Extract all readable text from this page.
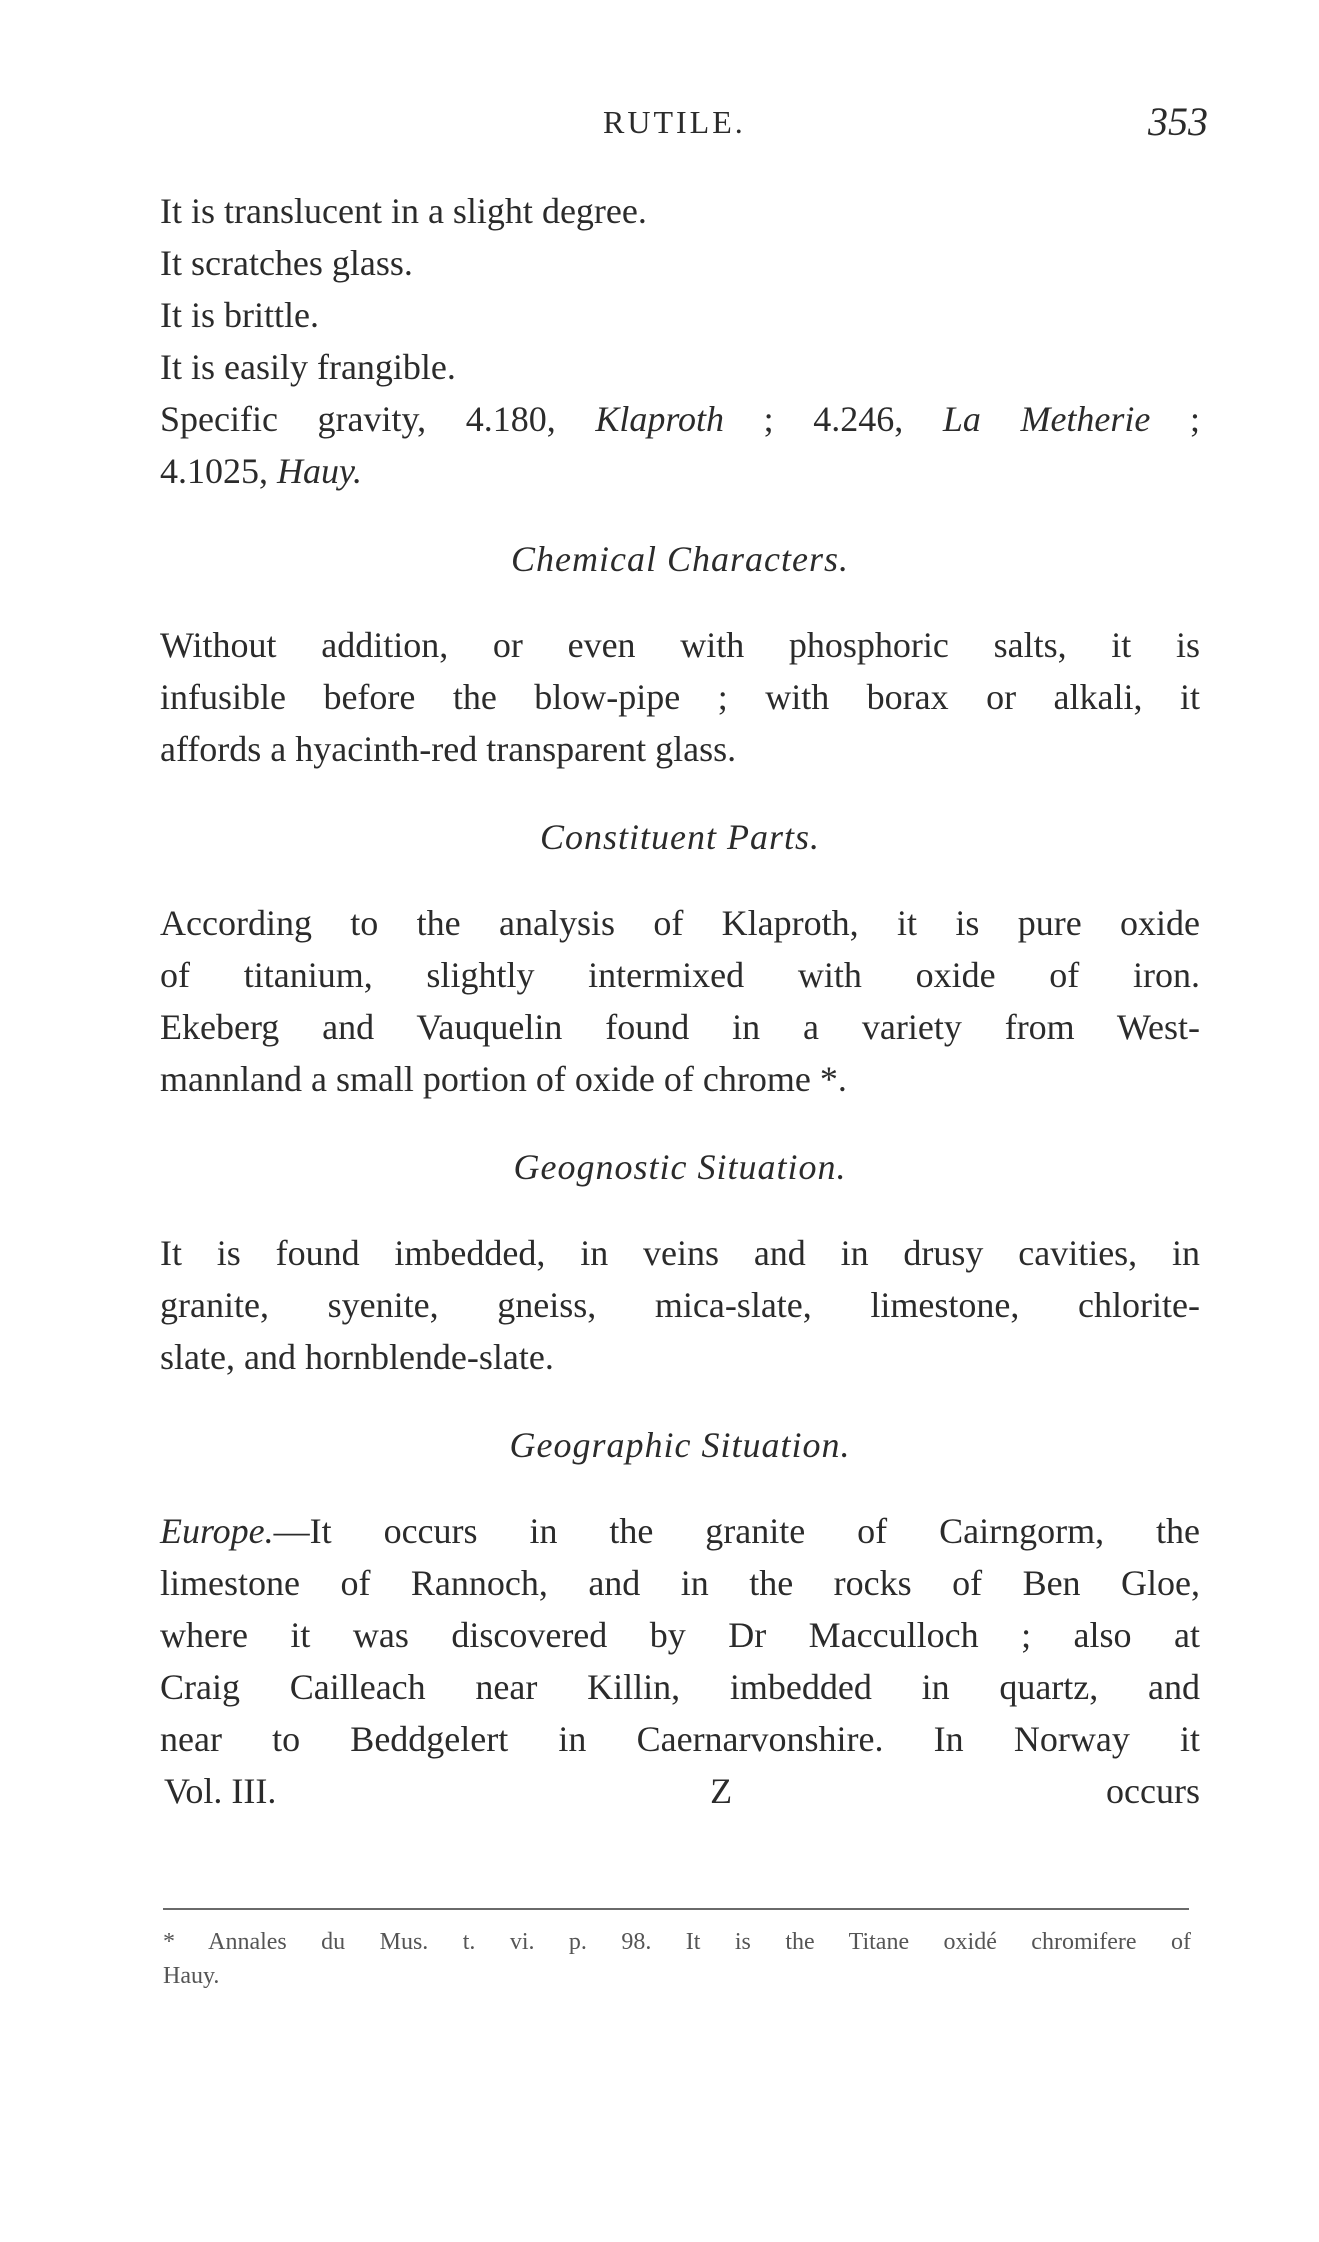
RUTILE.	353
It is translucent in a slight degree.
It scratches glass.
It is brittle.
It is easily frangible.
Specific gravity, 4.180, Klaproth ; 4.246, La Metherie ;
4.1025, Hauy.
Chemical Characters.
Without addition, or even with phosphoric salts, it is
infusible before the blow-pipe ; with borax or alkali, it
affords a hyacinth-red transparent glass.
Constituent Parts.
According to the analysis of Klaproth, it is pure oxide
of titanium, slightly intermixed with oxide of iron.
Ekeberg and Vauquelin found in a variety from West-
mannland a small portion of oxide of chrome *.
Geognostic Situation.
It is found imbedded, in veins and in drusy cavities, in
granite, syenite, gneiss, mica-slate, limestone, chlorite-
slate, and hornblende-slate.
Geographic Situation.
Europe.—It occurs in the granite of Cairngorm, the
limestone of Rannoch, and in the rocks of Ben Gloe,
where it was discovered by Dr Macculloch ; also at
Craig Cailleach near Killin, imbedded in quartz, and
near to Beddgelert in Caernarvonshire. In Norway it
Vol. III.	Z	occurs
* Annales du Mus. t. vi. p. 98. It is the Titane oxidé chromifere of
Hauy.
